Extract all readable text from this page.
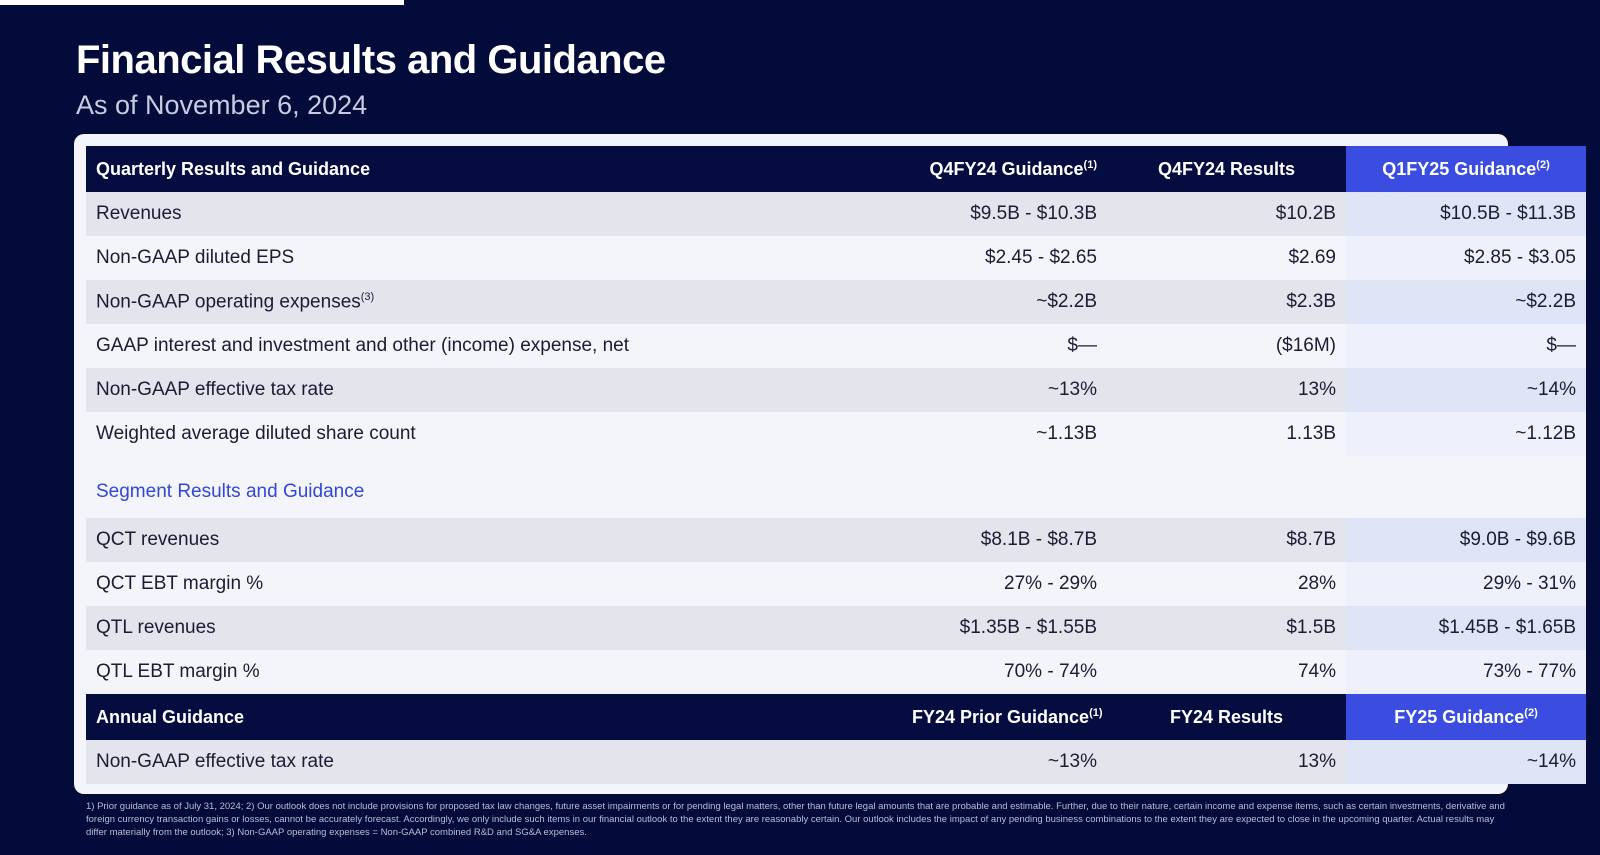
Financial Results and Guidance
As of November 6, 2024
Quarterly Results and Guidance	Q4FY24 Guidance$^{(1)}$	Q4FY24 Results	Q1FY25 Guidance$^{(2)}$
Revenues	$9.5B - $10.3B	$10.2B	$10.5B - $11.3B
Non-GAAP diluted EPS	$2.45 - $2.65	$2.69	$2.85 - $3.05
Non-GAAP operating expenses$^{(3)}$	~$2.2B	$2.3B	~$2.2B
GAAP interest and investment and other (income) expense, net	$—	($16M)	$—
Non-GAAP effective tax rate	~13%	13%	~14%
Weighted average diluted share count	~1.13B	1.13B	~1.12B
Segment Results and Guidance			
QCT revenues	$8.1B - $8.7B	$8.7B	$9.0B - $9.6B
QCT EBT margin %	27% - 29%	28%	29% - 31%
QTL revenues	$1.35B - $1.55B	$1.5B	$1.45B - $1.65B
QTL EBT margin %	70% - 74%	74%	73% - 77%
Annual Guidance	FY24 Prior Guidance$^{(1)}$	FY24 Results	FY25 Guidance$^{(2)}$
Non-GAAP effective tax rate	~13%	13%	~14%
1) Prior guidance as of July 31, 2024; 2) Our outlook does not include provisions for proposed tax law changes, future asset impairments or for pending legal matters, other than future legal amounts that are probable and estimable. Further, due to their nature, certain income and expense items, such as certain investments, derivative and foreign currency transaction gains or losses, cannot be accurately forecast. Accordingly, we only include such items in our financial outlook to the extent they are reasonably certain. Our outlook includes the impact of any pending business combinations to the extent they are expected to close in the upcoming quarter. Actual results may differ materially from the outlook; 3) Non-GAAP operating expenses = Non-GAAP combined R&D and SG&A expenses.
